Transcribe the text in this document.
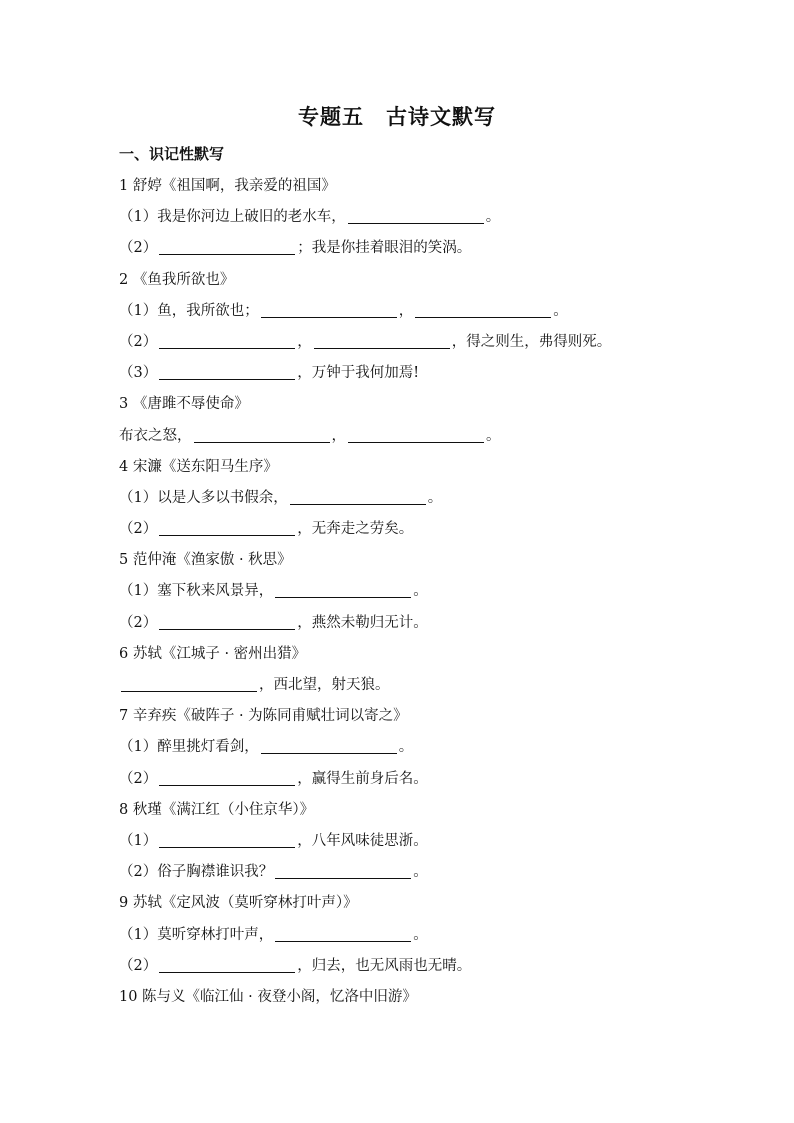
专题五　古诗文默写
一、识记性默写
1 舒婷《祖国啊，我亲爱的祖国》
（1）我是你河边上破旧的老水车，	。
（2）	；我是你挂着眼泪的笑涡。
2 《鱼我所欲也》
（1）鱼，我所欲也；	，	。
（2）	，	，得之则生，弗得则死。
（3）	，万钟于我何加焉!
3 《唐雎不辱使命》
布衣之怒，	，	。
4 宋濂《送东阳马生序》
（1）以是人多以书假余，	。
（2）	，无奔走之劳矣。
5 范仲淹《渔家傲 · 秋思》
（1）塞下秋来风景异，	。
（2）	，燕然未勒归无计。
6 苏轼《江城子 · 密州出猎》
，西北望，射天狼。
7 辛弃疾《破阵子 · 为陈同甫赋壮词以寄之》
（1）醉里挑灯看剑，	。
（2）	，赢得生前身后名。
8 秋瑾《满江红（小住京华）》
（1）	，八年风味徒思浙。
（2）俗子胸襟谁识我？	。
9 苏轼《定风波（莫听穿林打叶声）》
（1）莫听穿林打叶声，	。
（2）	，归去，也无风雨也无晴。
10 陈与义《临江仙 · 夜登小阁，忆洛中旧游》
